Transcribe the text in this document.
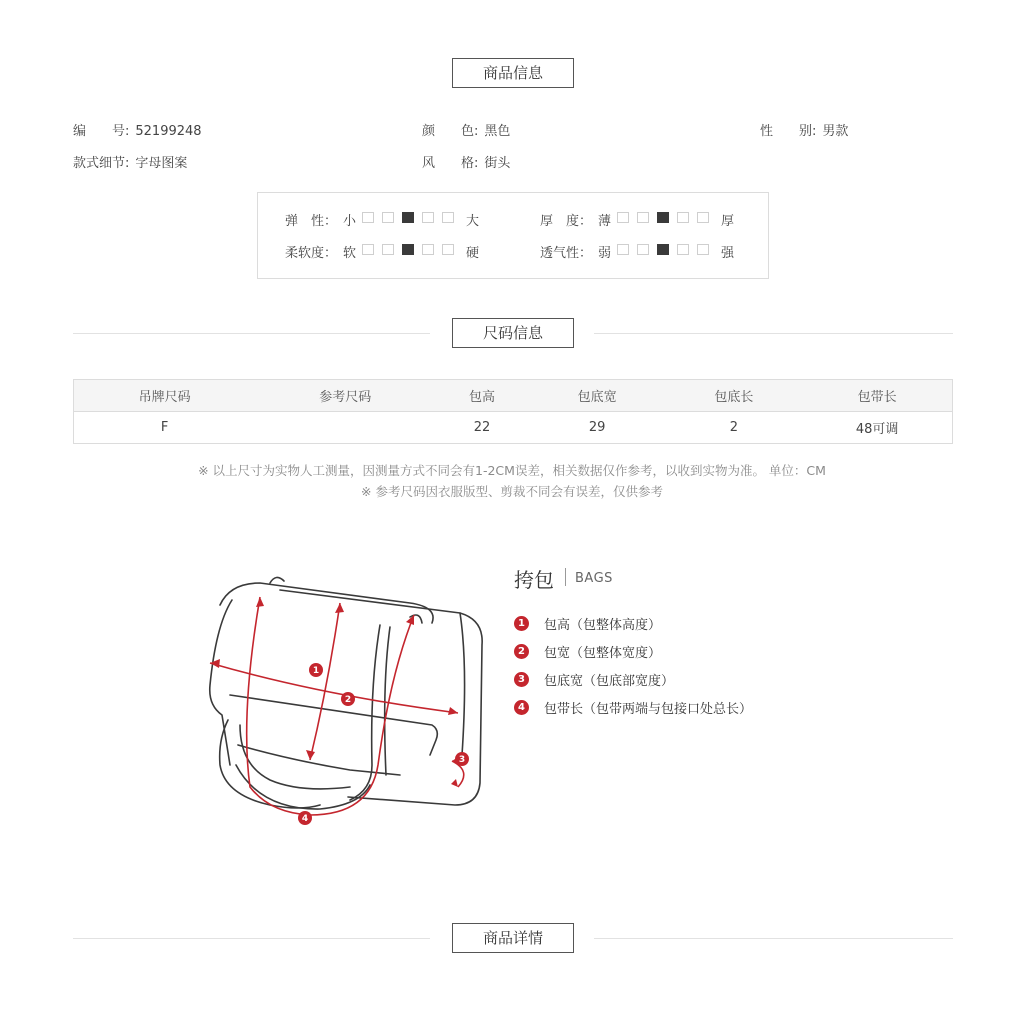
商品信息
编　　号: 52199248	颜　　色: 黑色	性　　别: 男款
款式细节: 字母图案	风　　格: 街头
弹　性： 小	大	厚　度： 薄	厚
柔软度： 软	硬	透气性： 弱	强
尺码信息
吊牌尺码	参考尺码	包高	包底宽	包底长	包带长
F		22	29	2	48可调
※ 以上尺寸为实物人工测量，因测量方式不同会有1-2CM误差，相关数据仅作参考，以收到实物为准。 单位：CM
※ 参考尺码因衣服版型、剪裁不同会有误差，仅供参考
1
2
3
4
挎包 BAGS
1	包高（包整体高度）
2	包宽（包整体宽度）
3	包底宽（包底部宽度）
4	包带长（包带两端与包接口处总长）
商品详情
